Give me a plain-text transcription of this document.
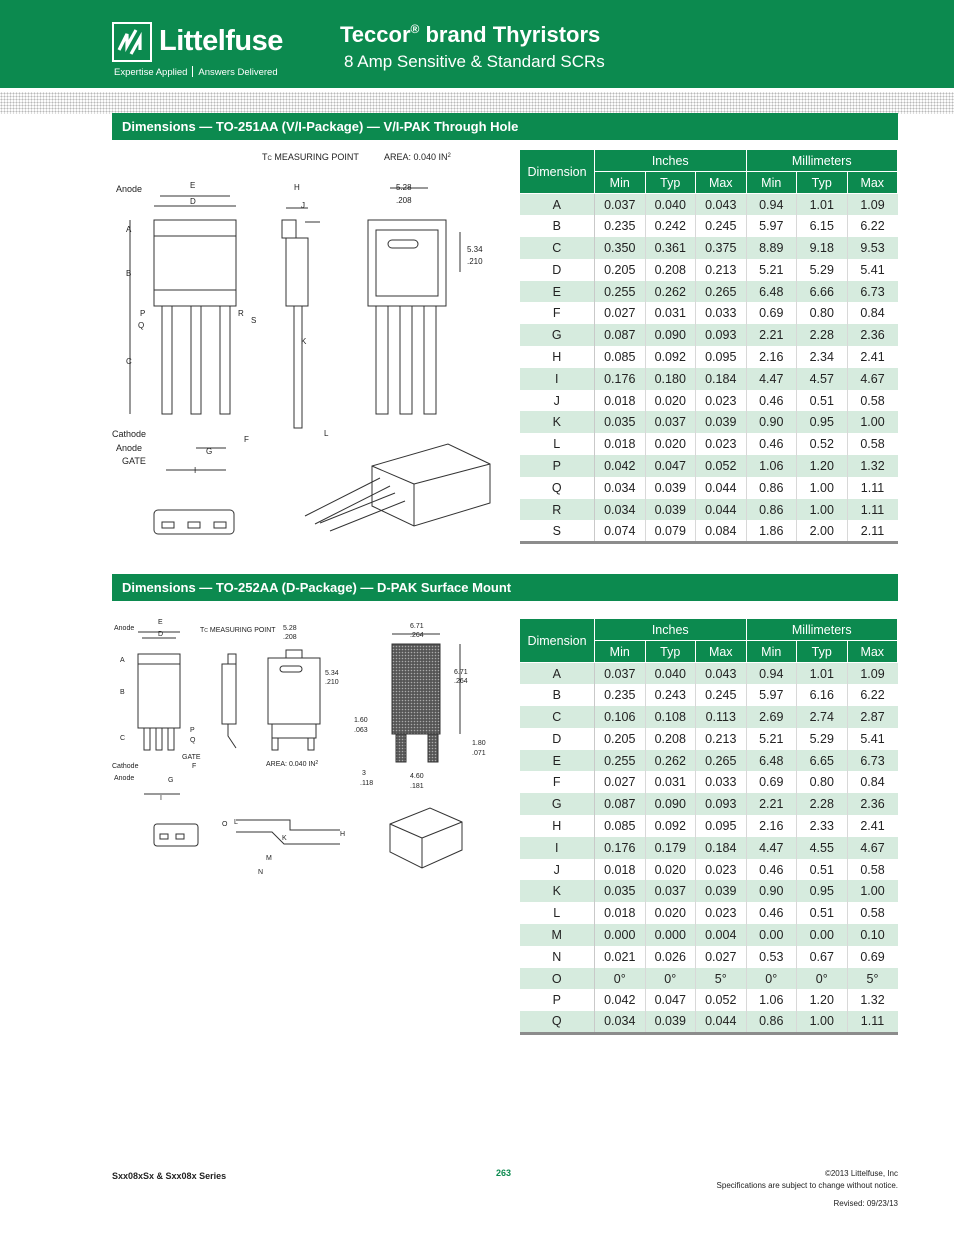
Littelfuse
Expertise Applied Answers Delivered
Teccor® brand Thyristors
8 Amp Sensitive & Standard SCRs
Dimensions — TO-251AA (V/I-Package) — V/I-PAK Through Hole
TC MEASURING POINT	AREA: 0.040 $IN^2$
Anode
Cathode
Anode
GATE
5.28
.208
5.34
.210
A
B
C
D
E
F
G
H
I
J
K
L
P
Q
R
S
Dimension	Inches			Millimeters		
	Min	Typ	Max	Min	Typ	Max
A	0.037	0.040	0.043	0.94	1.01	1.09
B	0.235	0.242	0.245	5.97	6.15	6.22
C	0.350	0.361	0.375	8.89	9.18	9.53
D	0.205	0.208	0.213	5.21	5.29	5.41
E	0.255	0.262	0.265	6.48	6.66	6.73
F	0.027	0.031	0.033	0.69	0.80	0.84
G	0.087	0.090	0.093	2.21	2.28	2.36
H	0.085	0.092	0.095	2.16	2.34	2.41
I	0.176	0.180	0.184	4.47	4.57	4.67
J	0.018	0.020	0.023	0.46	0.51	0.58
K	0.035	0.037	0.039	0.90	0.95	1.00
L	0.018	0.020	0.023	0.46	0.52	0.58
P	0.042	0.047	0.052	1.06	1.20	1.32
Q	0.034	0.039	0.044	0.86	1.00	1.11
R	0.034	0.039	0.044	0.86	1.00	1.11
S	0.074	0.079	0.084	1.86	2.00	2.11
Dimensions — TO-252AA (D-Package) — D-PAK Surface Mount
Anode
Cathode
Anode
GATE
TC MEASURING POINT
AREA: 0.040 $IN^2$
5.28
.208
5.34
.210
6.71
.264
6.71
.264
1.60
.063
1.80
.071
3
.118
4.60
.181
A
B
C
D
E
F
G
H
I
K
L
M
N
O
P
Q
Dimension	Inches			Millimeters		
	Min	Typ	Max	Min	Typ	Max
A	0.037	0.040	0.043	0.94	1.01	1.09
B	0.235	0.243	0.245	5.97	6.16	6.22
C	0.106	0.108	0.113	2.69	2.74	2.87
D	0.205	0.208	0.213	5.21	5.29	5.41
E	0.255	0.262	0.265	6.48	6.65	6.73
F	0.027	0.031	0.033	0.69	0.80	0.84
G	0.087	0.090	0.093	2.21	2.28	2.36
H	0.085	0.092	0.095	2.16	2.33	2.41
I	0.176	0.179	0.184	4.47	4.55	4.67
J	0.018	0.020	0.023	0.46	0.51	0.58
K	0.035	0.037	0.039	0.90	0.95	1.00
L	0.018	0.020	0.023	0.46	0.51	0.58
M	0.000	0.000	0.004	0.00	0.00	0.10
N	0.021	0.026	0.027	0.53	0.67	0.69
O	0°	0°	5°	0°	0°	5°
P	0.042	0.047	0.052	1.06	1.20	1.32
Q	0.034	0.039	0.044	0.86	1.00	1.11
Sxx08xSx & Sxx08x Series	263	©2013 Littelfuse, Inc
Specifications are subject to change without notice.
Revised: 09/23/13
